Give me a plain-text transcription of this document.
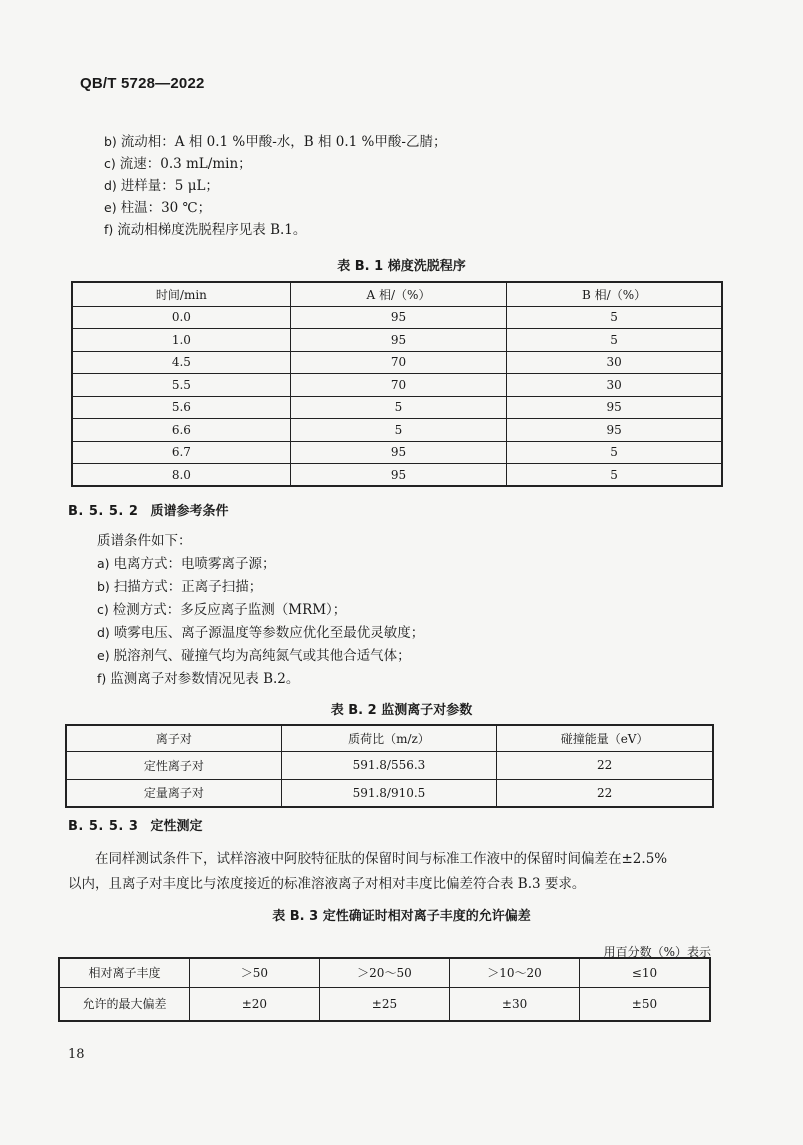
QB/T 5728—2022
b) 流动相：A 相 0.1 %甲酸-水，B 相 0.1 %甲酸-乙腈；
c) 流速：0.3 mL/min；
d) 进样量：5 μL；
e) 柱温：30 ℃；
f) 流动相梯度洗脱程序见表 B.1。
表 B. 1 梯度洗脱程序
时间/min	A 相/（%）	B 相/（%）
0.0	95	5
1.0	95	5
4.5	70	30
5.5	70	30
5.6	5	95
6.6	5	95
6.7	95	5
8.0	95	5
B. 5. 5. 2 质谱参考条件
质谱条件如下：
a) 电离方式：电喷雾离子源；
b) 扫描方式：正离子扫描；
c) 检测方式：多反应离子监测（MRM）；
d) 喷雾电压、离子源温度等参数应优化至最优灵敏度；
e) 脱溶剂气、碰撞气均为高纯氮气或其他合适气体；
f) 监测离子对参数情况见表 B.2。
表 B. 2 监测离子对参数
离子对	质荷比（m/z）	碰撞能量（eV）
定性离子对	591.8/556.3	22
定量离子对	591.8/910.5	22
B. 5. 5. 3 定性测定
在同样测试条件下，试样溶液中阿胶特征肽的保留时间与标准工作液中的保留时间偏差在±2.5%
以内，且离子对丰度比与浓度接近的标准溶液离子对相对丰度比偏差符合表 B.3 要求。
表 B. 3 定性确证时相对离子丰度的允许偏差
用百分数（%）表示
相对离子丰度	＞50	＞20～50	＞10～20	≤10
允许的最大偏差	±20	±25	±30	±50
18
